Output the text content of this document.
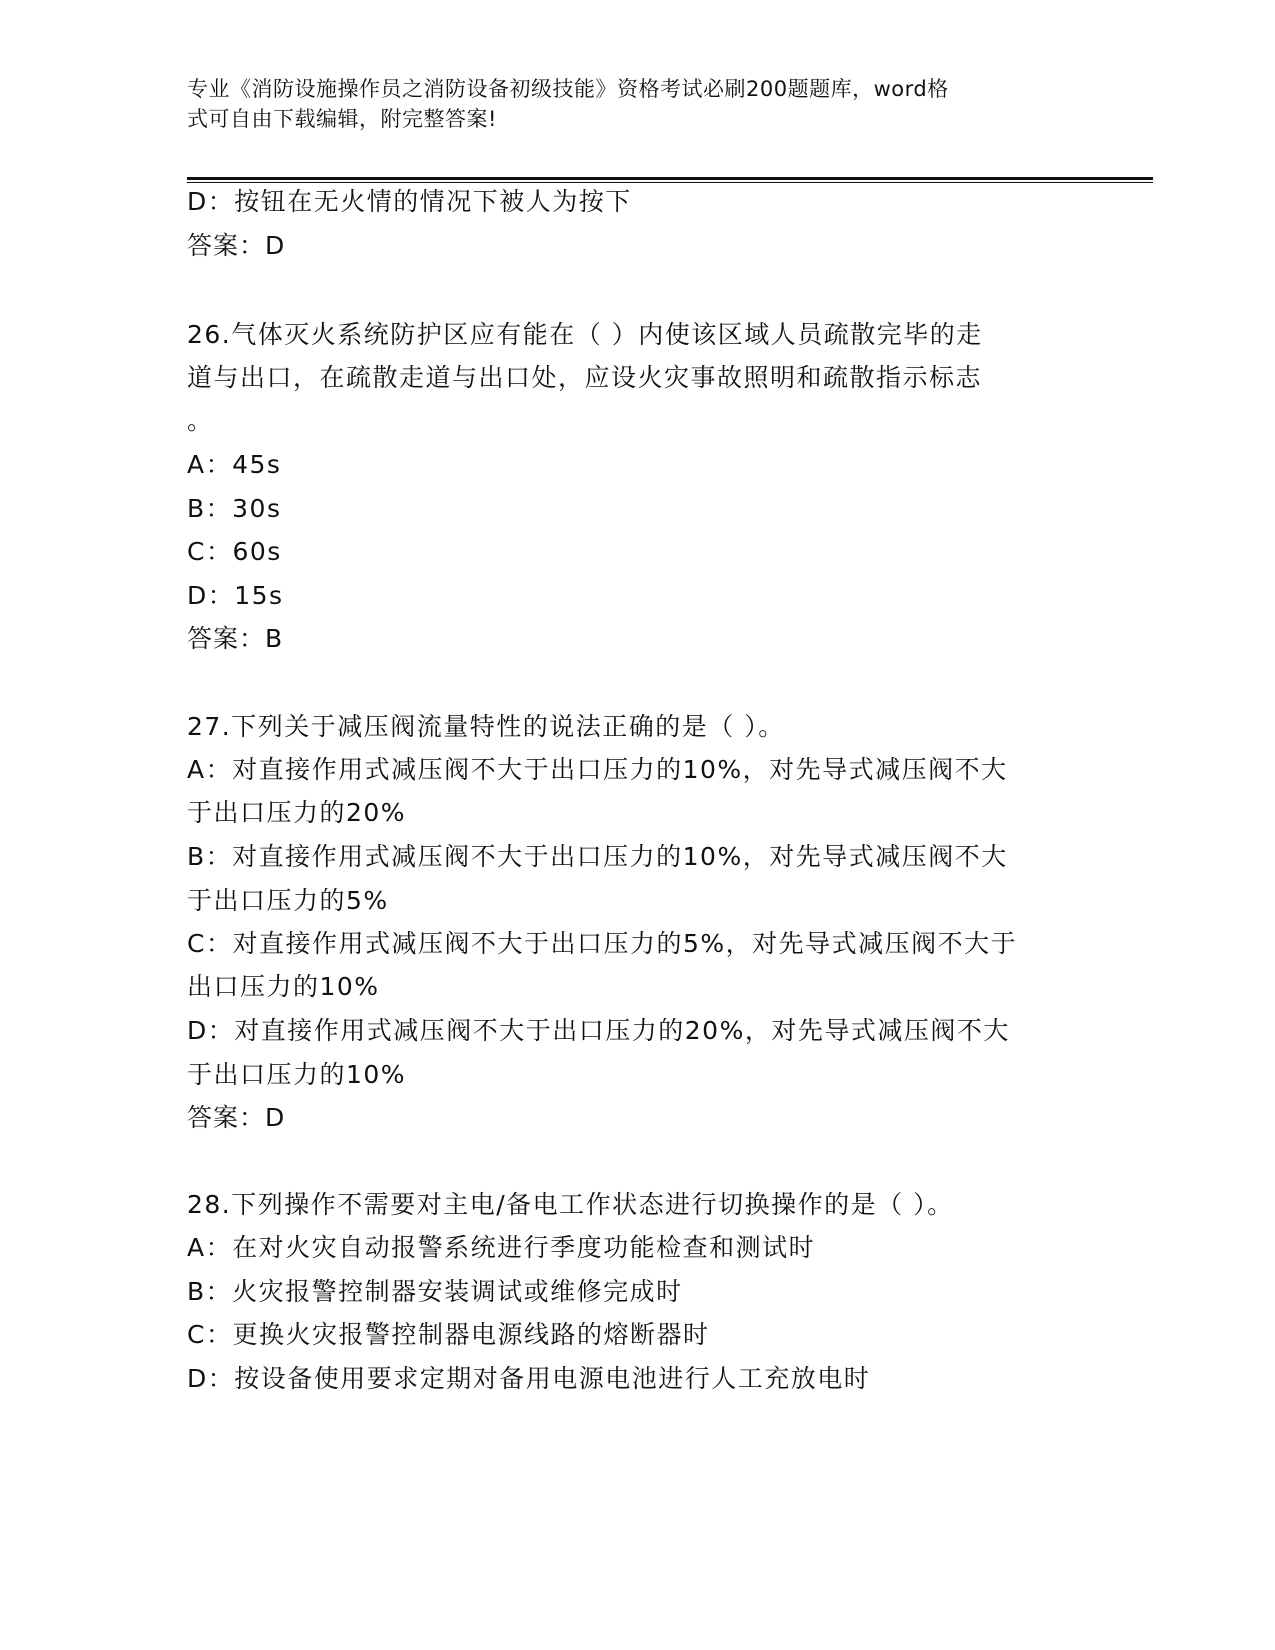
专业《消防设施操作员之消防设备初级技能》资格考试必刷200题题库，word格
式可自由下载编辑，附完整答案!
D：按钮在无火情的情况下被人为按下
答案：D
26.气体灭火系统防护区应有能在（ ）内使该区域人员疏散完毕的走
道与出口，在疏散走道与出口处，应设火灾事故照明和疏散指示标志
。
A：45s
B：30s
C：60s
D：15s
答案：B
27.下列关于减压阀流量特性的说法正确的是（ ）。
A：对直接作用式减压阀不大于出口压力的10%，对先导式减压阀不大
于出口压力的20%
B：对直接作用式减压阀不大于出口压力的10%，对先导式减压阀不大
于出口压力的5%
C：对直接作用式减压阀不大于出口压力的5%，对先导式减压阀不大于
出口压力的10%
D：对直接作用式减压阀不大于出口压力的20%，对先导式减压阀不大
于出口压力的10%
答案：D
28.下列操作不需要对主电/备电工作状态进行切换操作的是（ ）。
A：在对火灾自动报警系统进行季度功能检查和测试时
B：火灾报警控制器安装调试或维修完成时
C：更换火灾报警控制器电源线路的熔断器时
D：按设备使用要求定期对备用电源电池进行人工充放电时
